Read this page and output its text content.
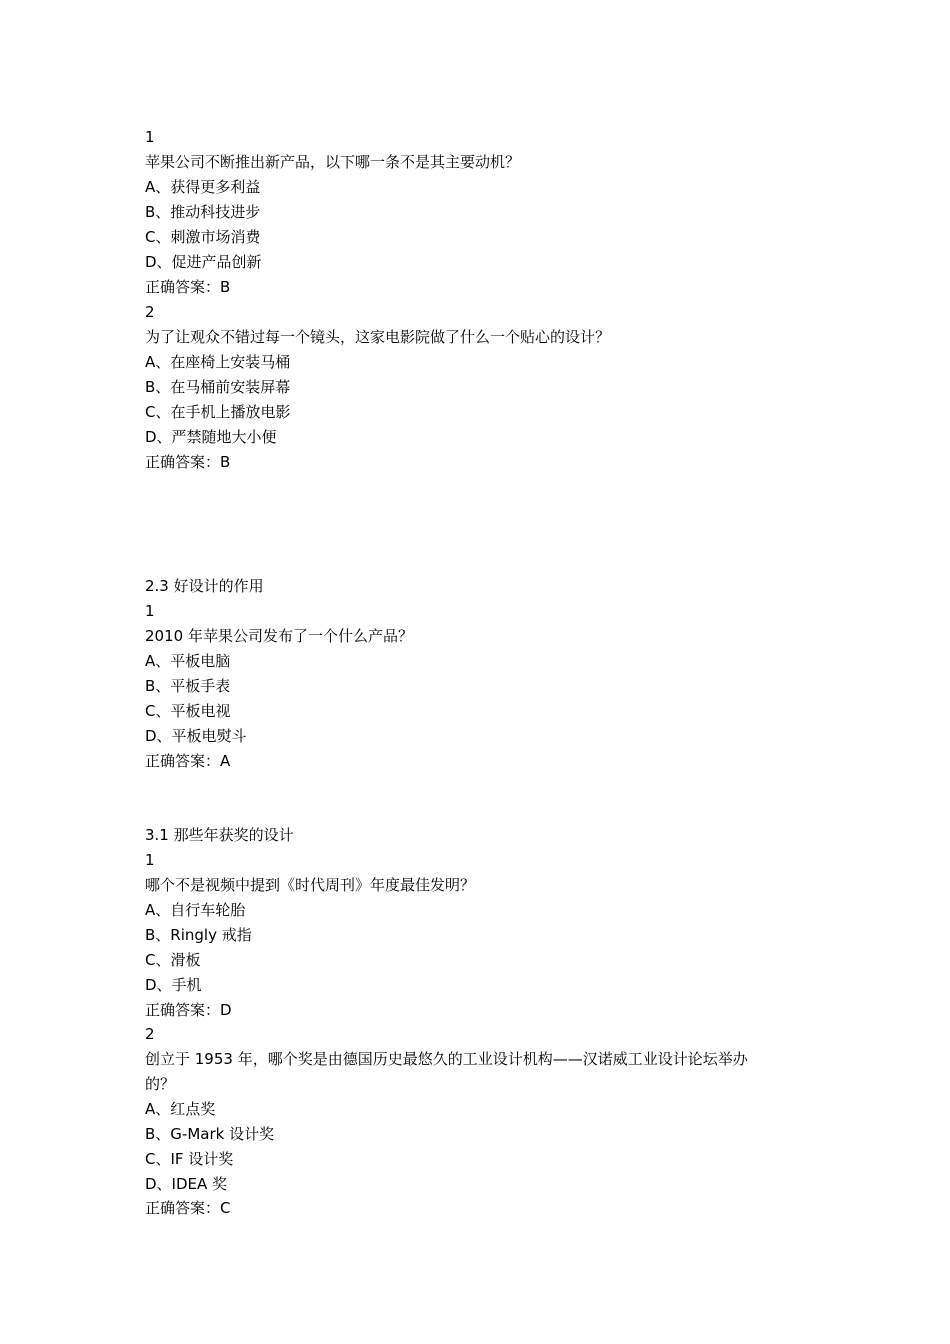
1
苹果公司不断推出新产品，以下哪一条不是其主要动机？
A、获得更多利益
B、推动科技进步
C、刺激市场消费
D、促进产品创新
正确答案：B
2
为了让观众不错过每一个镜头，这家电影院做了什么一个贴心的设计？
A、在座椅上安装马桶
B、在马桶前安装屏幕
C、在手机上播放电影
D、严禁随地大小便
正确答案：B
2.3 好设计的作用
1
2010 年苹果公司发布了一个什么产品？
A、平板电脑
B、平板手表
C、平板电视
D、平板电熨斗
正确答案：A
3.1 那些年获奖的设计
1
哪个不是视频中提到《时代周刊》年度最佳发明？
A、自行车轮胎
B、Ringly 戒指
C、滑板
D、手机
正确答案：D
2
创立于 1953 年，哪个奖是由德国历史最悠久的工业设计机构——汉诺威工业设计论坛举办
的？
A、红点奖
B、G-Mark 设计奖
C、IF 设计奖
D、IDEA 奖
正确答案：C
